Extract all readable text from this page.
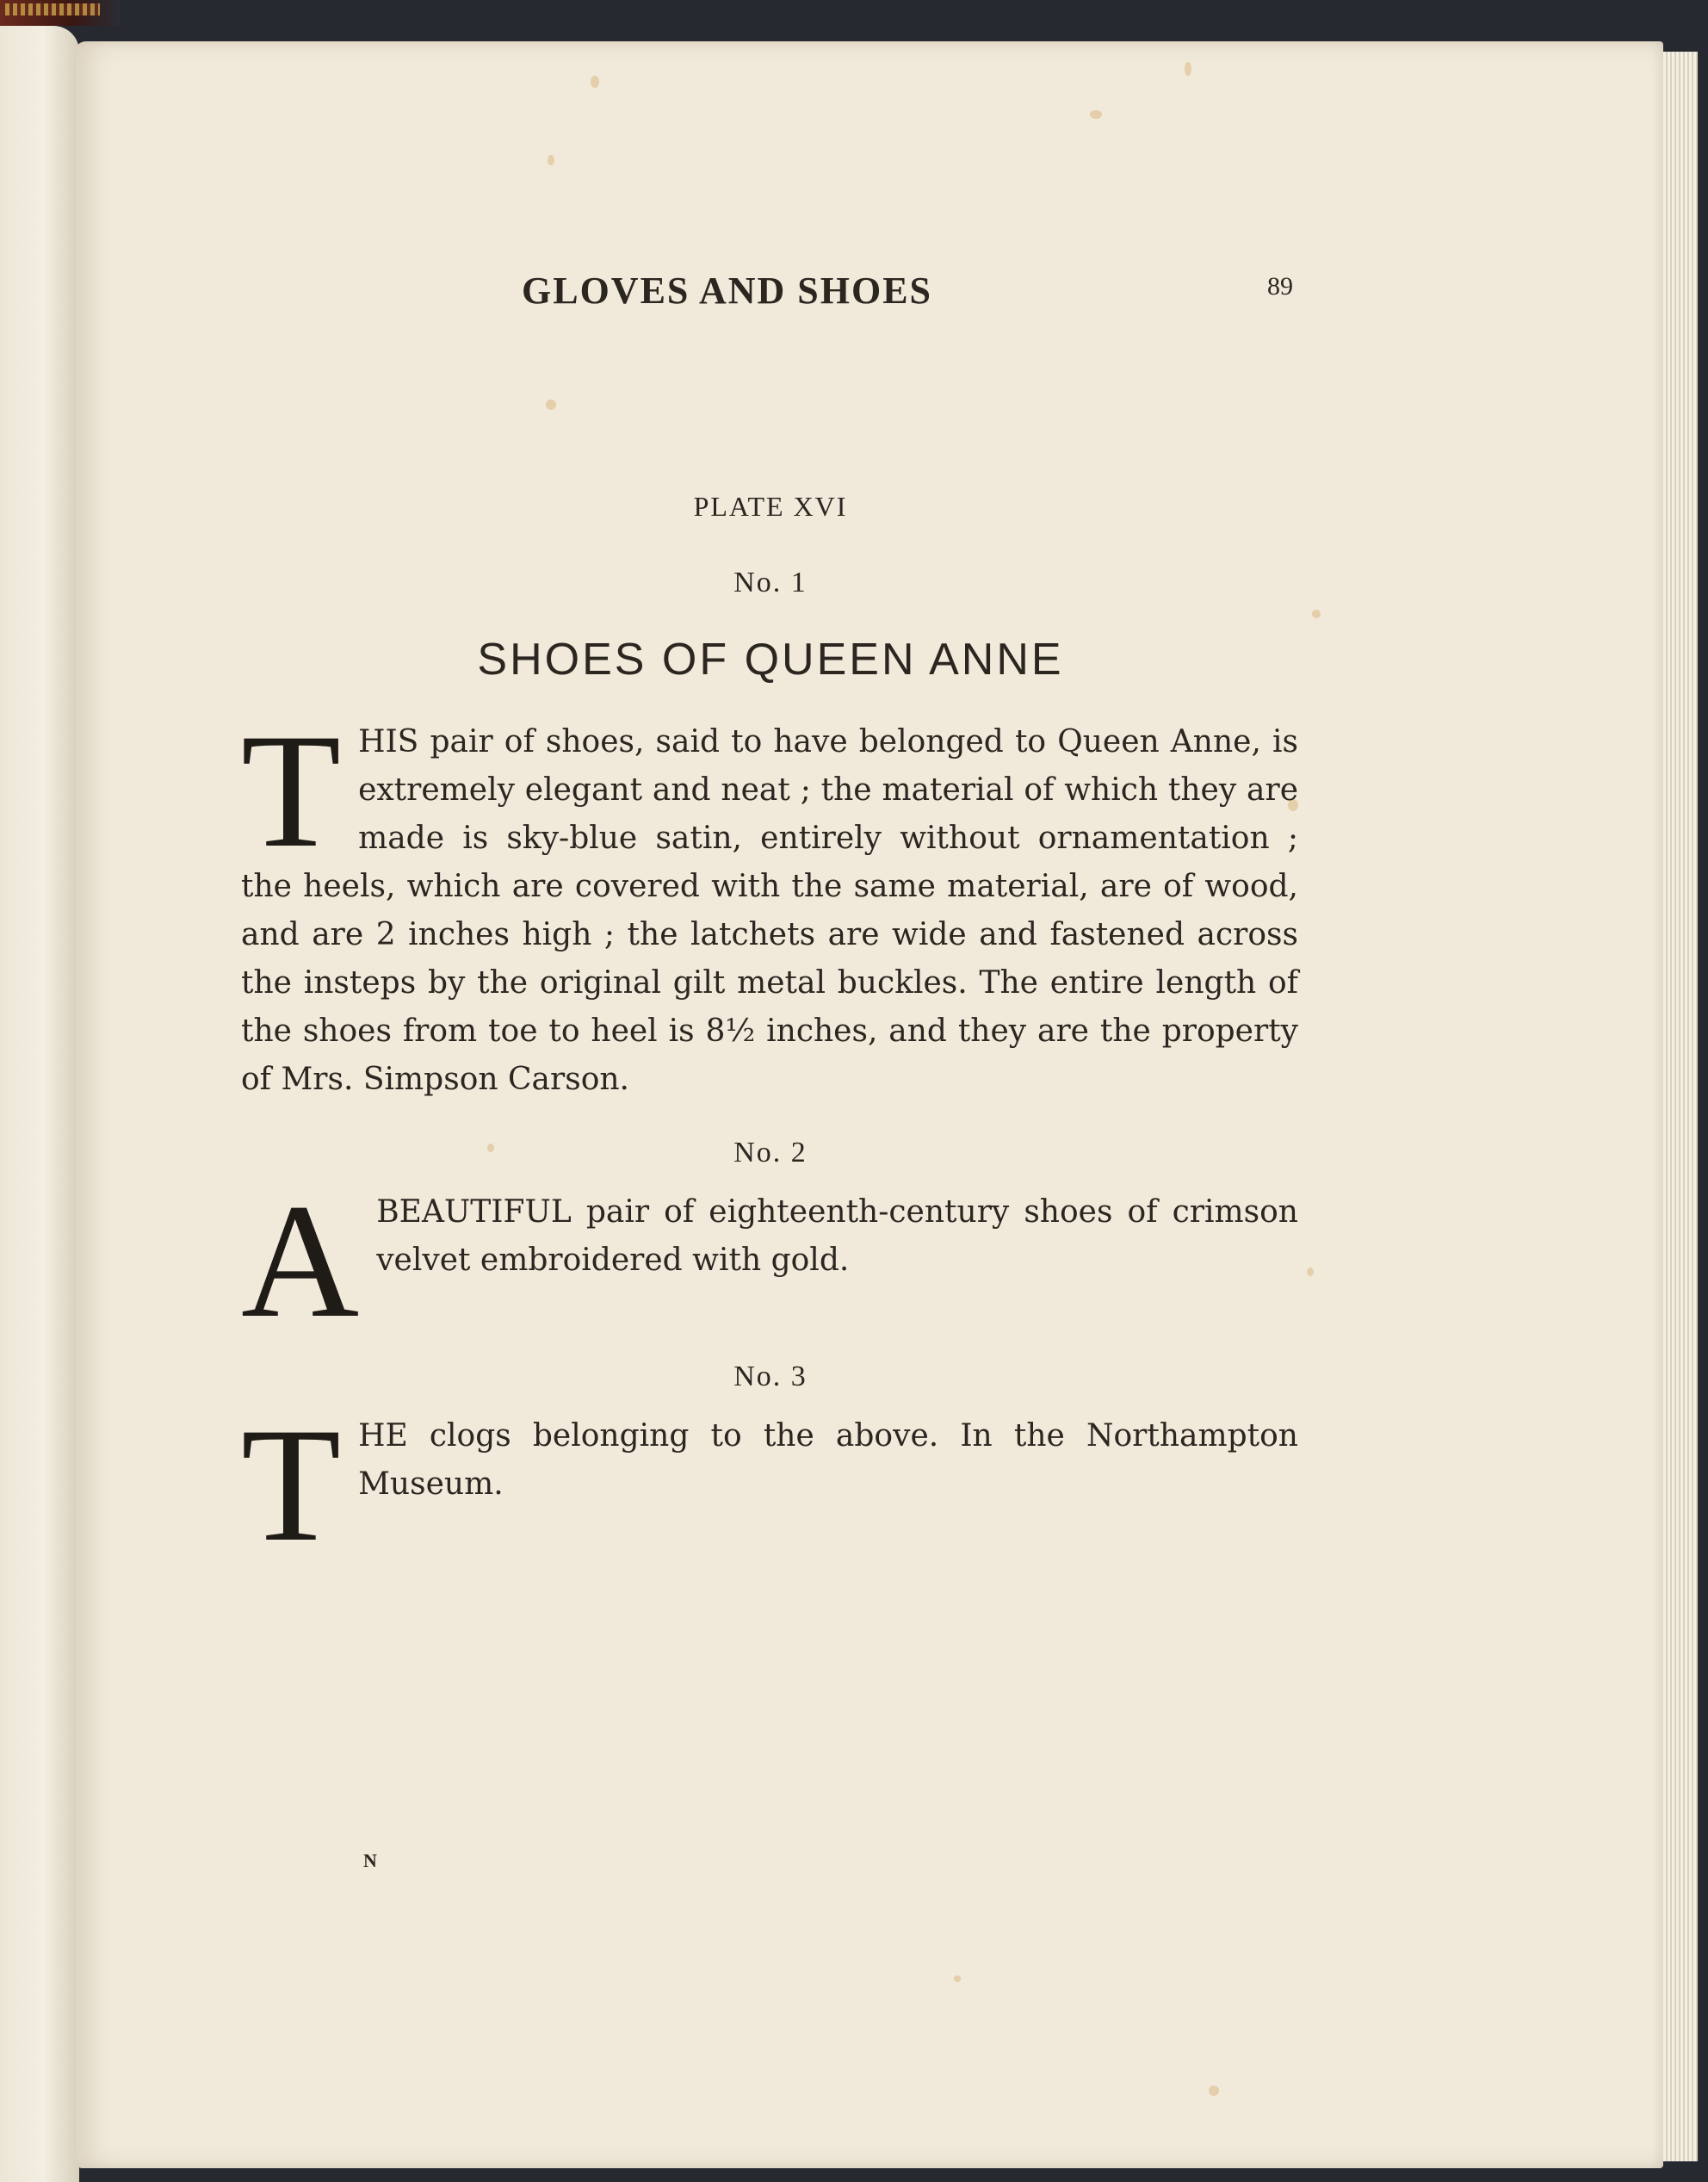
GLOVES AND SHOES	89
PLATE XVI
No. 1
SHOES OF QUEEN ANNE

T HIS pair of shoes, said to have belonged to Queen Anne, is extremely elegant and neat ; the material of which they are made is sky-blue satin, entirely without ornamentation ; the heels, which are covered with the same material, are of wood, and are 2 inches high ; the latchets are wide and fastened across the insteps by the original gilt metal buckles. The entire length of the shoes from toe to heel is 8½ inches, and they are the property of Mrs. Simpson Carson.

No. 2

A BEAUTIFUL pair of eighteenth-century shoes of crimson velvet embroidered with gold.

No. 3

T HE clogs belonging to the above. In the Northampton Museum.

N
